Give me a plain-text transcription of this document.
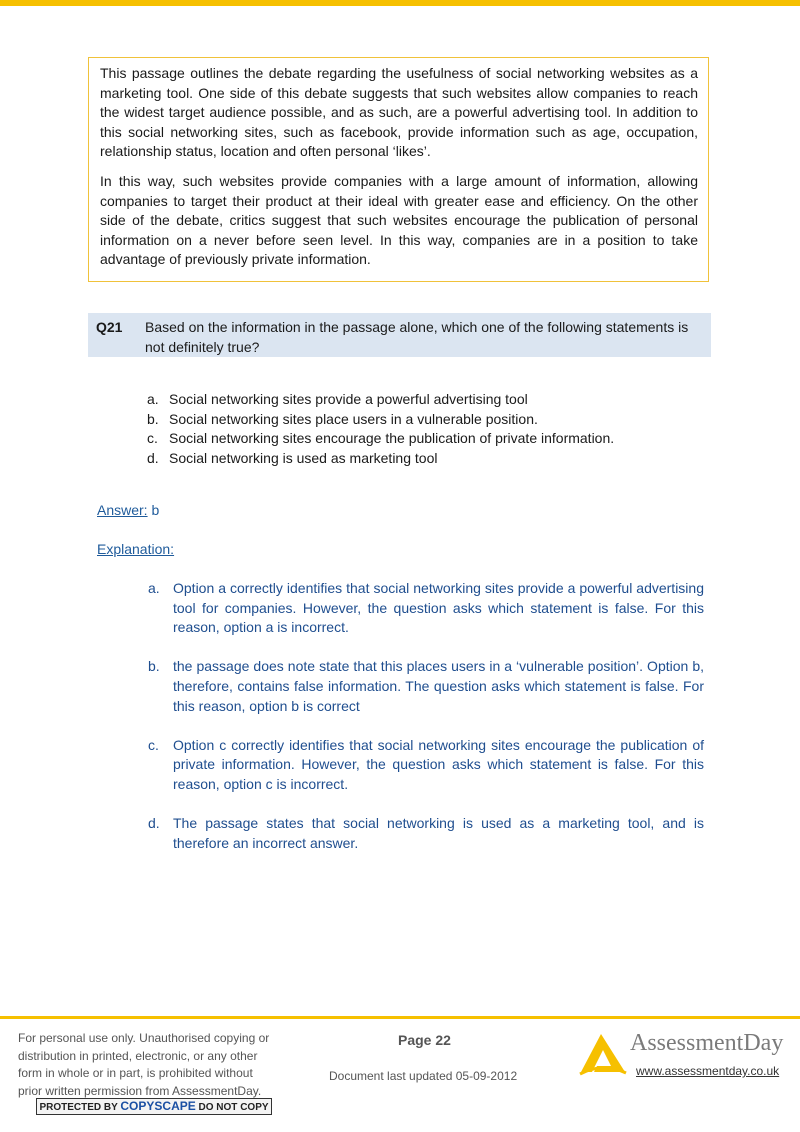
This passage outlines the debate regarding the usefulness of social networking websites as a marketing tool. One side of this debate suggests that such websites allow companies to reach the widest target audience possible, and as such, are a powerful advertising tool. In addition to this social networking sites, such as facebook, provide information such as age, occupation, relationship status, location and often personal ‘likes’.

In this way, such websites provide companies with a large amount of information, allowing companies to target their product at their ideal with greater ease and efficiency. On the other side of the debate, critics suggest that such websites encourage the publication of personal information on a never before seen level. In this way, companies are in a position to take advantage of previously private information.

Q21 Based on the information in the passage alone, which one of the following statements is not definitely true?
a. Social networking sites provide a powerful advertising tool
b. Social networking sites place users in a vulnerable position.
c. Social networking sites encourage the publication of private information.
d. Social networking is used as marketing tool
Answer: b
Explanation:
a. Option a correctly identifies that social networking sites provide a powerful advertising tool for companies. However, the question asks which statement is false. For this reason, option a is incorrect.
b. the passage does note state that this places users in a ‘vulnerable position’. Option b, therefore, contains false information. The question asks which statement is false. For this reason, option b is correct
c.	Option c correctly identifies that social networking sites encourage the publication of private information. However, the question asks which statement is false. For this reason, option c is incorrect.
d. The passage states that social networking is used as a marketing tool, and is therefore an incorrect answer.
For personal use only. Unauthorised copying or
distribution in printed, electronic, or any other
form in whole or in part, is prohibited without
prior written permission from AssessmentDay.
PROTECTED BY COPYSCAPE DO NOT COPY
Page 22
Document last updated 05-09-2012
AssessmentDay
www.assessmentday.co.uk
